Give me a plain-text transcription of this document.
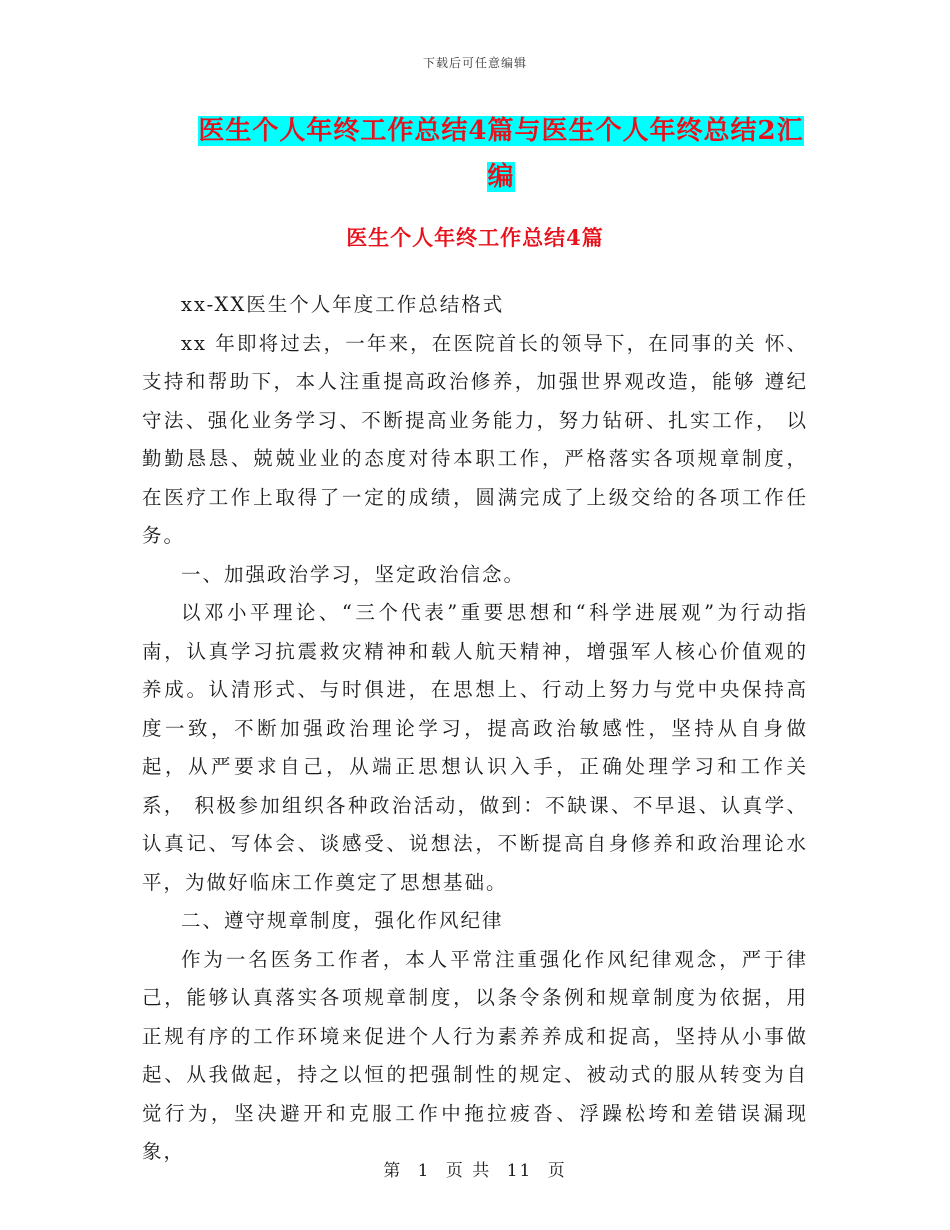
下载后可任意编辑
医生个人年终工作总结4篇与医生个人年终总结2汇编
医生个人年终工作总结4篇

xx-XX医生个人年度工作总结格式

xx 年即将过去，一年来，在医院首长的领导下，在同事的关 怀、支持和帮助下，本人注重提高政治修养，加强世界观改造，能够 遵纪守法、强化业务学习、不断提高业务能力，努力钻研、扎实工作， 以勤勤恳恳、兢兢业业的态度对待本职工作，严格落实各项规章制度，在医疗工作上取得了一定的成绩，圆满完成了上级交给的各项工作任务。

一、加强政治学习，坚定政治信念。

以邓小平理论、“三个代表”重要思想和“科学进展观”为行动指南，认真学习抗震救灾精神和载人航天精神，增强军人核心价值观的养成。认清形式、与时俱进，在思想上、行动上努力与党中央保持高度一致，不断加强政治理论学习，提高政治敏感性，坚持从自身做起，从严要求自己，从端正思想认识入手，正确处理学习和工作关系， 积极参加组织各种政治活动，做到：不缺课、不早退、认真学、认真记、写体会、谈感受、说想法，不断提高自身修养和政治理论水平，为做好临床工作奠定了思想基础。

二、遵守规章制度，强化作风纪律

作为一名医务工作者，本人平常注重强化作风纪律观念，严于律己，能够认真落实各项规章制度，以条令条例和规章制度为依据，用正规有序的工作环境来促进个人行为素养养成和捉高，坚持从小事做起、从我做起，持之以恒的把强制性的规定、被动式的服从转变为自觉行为，坚决避开和克服工作中拖拉疲沓、浮躁松垮和差错误漏现象，

第 1 页 共 11 页
